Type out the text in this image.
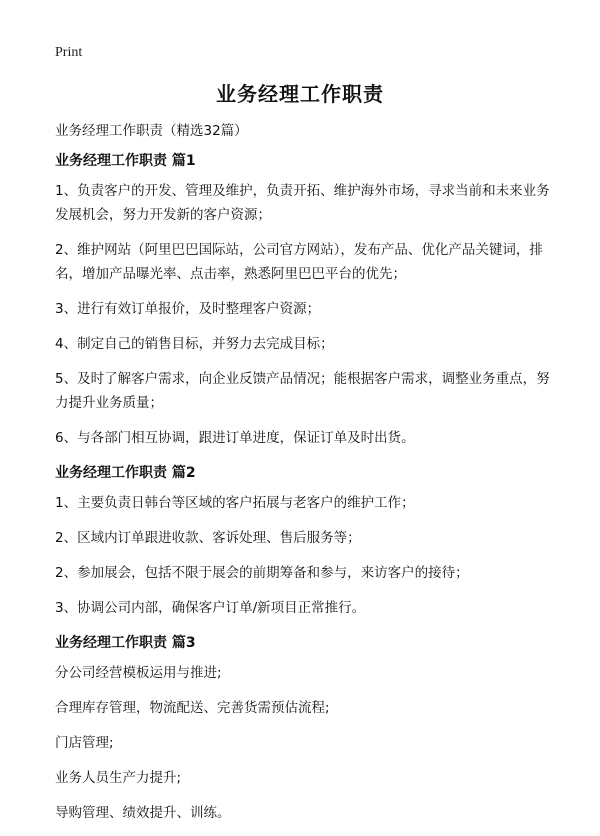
Print
业务经理工作职责

业务经理工作职责（精选32篇）

业务经理工作职责 篇1

1、负责客户的开发、管理及维护，负责开拓、维护海外市场，寻求当前和未来业务发展机会，努力开发新的客户资源；

2、维护网站（阿里巴巴国际站，公司官方网站），发布产品、优化产品关键词，排名，增加产品曝光率、点击率，熟悉阿里巴巴平台的优先；

3、进行有效订单报价，及时整理客户资源；

4、制定自己的销售目标，并努力去完成目标；

5、及时了解客户需求，向企业反馈产品情况；能根据客户需求，调整业务重点，努力提升业务质量；

6、与各部门相互协调，跟进订单进度，保证订单及时出货。

业务经理工作职责 篇2

1、主要负责日韩台等区域的客户拓展与老客户的维护工作；

2、区域内订单跟进收款、客诉处理、售后服务等；

2、参加展会，包括不限于展会的前期筹备和参与，来访客户的接待；

3、协调公司内部，确保客户订单/新项目正常推行。

业务经理工作职责 篇3

分公司经营模板运用与推进;

合理库存管理，物流配送、完善货需预估流程;

门店管理;

业务人员生产力提升;

导购管理、绩效提升、训练。
